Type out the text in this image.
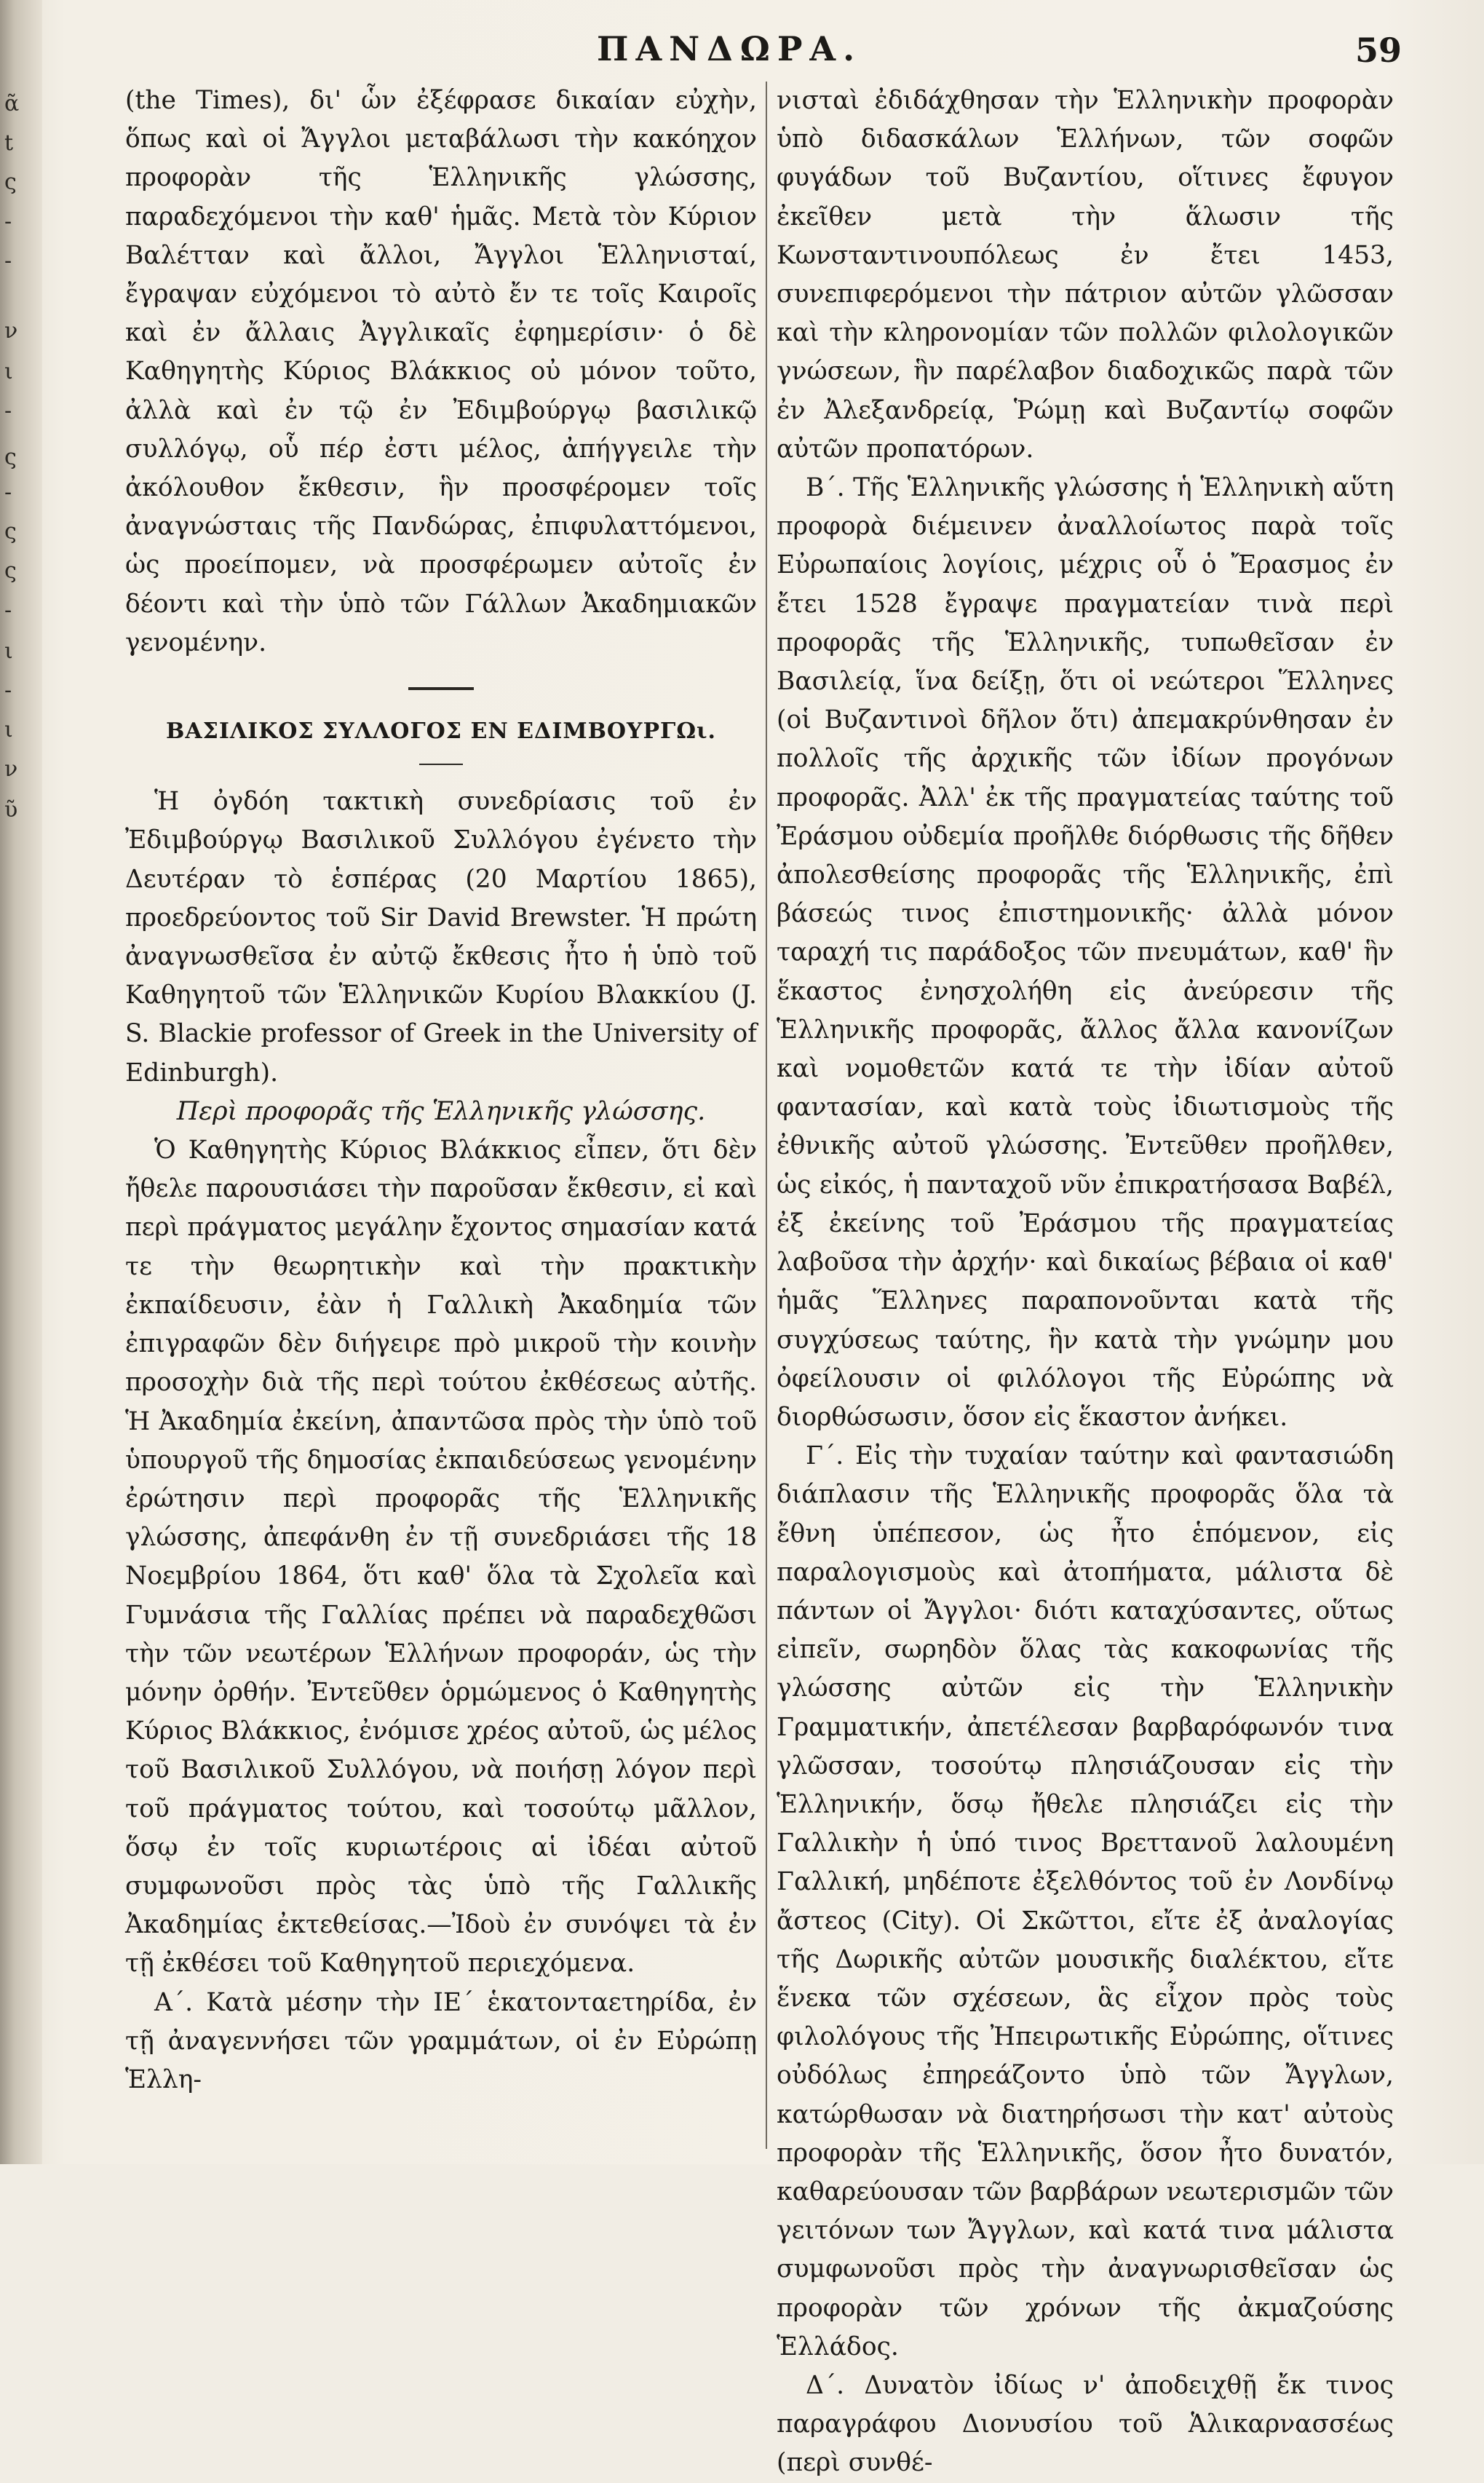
ᾶ
t
ς
-
-
ν
ι
-
ς
-
ς
ς
-
ι
-
ι
ν
ῦ
ΠΑΝΔΩΡΑ.	59

(the Times), δι' ὧν ἐξέφρασε δικαίαν εὐχὴν, ὅπως καὶ οἱ Ἄγγλοι μεταβάλωσι τὴν κακόηχον προφορὰν τῆς Ἑλληνικῆς γλώσσης, παραδεχόμενοι τὴν καθ' ἡμᾶς. Μετὰ τὸν Κύριον Βαλέτταν καὶ ἄλλοι, Ἄγγλοι Ἑλληνισταί, ἔγραψαν εὐχόμενοι τὸ αὐτὸ ἔν τε τοῖς Καιροῖς καὶ ἐν ἄλλαις Ἀγγλικαῖς ἐφημερίσιν· ὁ δὲ Καθηγητὴς Κύριος Βλάκκιος οὐ μόνον τοῦτο, ἀλλὰ καὶ ἐν τῷ ἐν Ἐδιμβούργῳ βασιλικῷ συλλόγῳ, οὗ πέρ ἐστι μέλος, ἀπήγγειλε τὴν ἀκόλουθον ἔκθεσιν, ἣν προσφέρομεν τοῖς ἀναγνώσταις τῆς Πανδώρας, ἐπιφυλαττόμενοι, ὡς προείπομεν, νὰ προσφέρωμεν αὐτοῖς ἐν δέοντι καὶ τὴν ὑπὸ τῶν Γάλλων Ἀκαδημιακῶν γενομένην.

ΒΑΣΙΛΙΚΟΣ ΣΥΛΛΟΓΟΣ ΕΝ ΕΔΙΜΒΟΥΡΓΩι.

Ἡ ὀγδόη τακτικὴ συνεδρίασις τοῦ ἐν Ἐδιμβούργῳ Βασιλικοῦ Συλλόγου ἐγένετο τὴν Δευτέραν τὸ ἑσπέρας (20 Μαρτίου 1865), προεδρεύοντος τοῦ Sir David Brewster. Ἡ πρώτη ἀναγνωσθεῖσα ἐν αὐτῷ ἔκθεσις ἦτο ἡ ὑπὸ τοῦ Καθηγητοῦ τῶν Ἑλληνικῶν Κυρίου Βλακκίου (J. S. Blackie professor of Greek in the University of Edinburgh).

Περὶ προφορᾶς τῆς Ἑλληνικῆς γλώσσης.

Ὁ Καθηγητὴς Κύριος Βλάκκιος εἶπεν, ὅτι δὲν ἤθελε παρουσιάσει τὴν παροῦσαν ἔκθεσιν, εἰ καὶ περὶ πράγματος μεγάλην ἔχοντος σημασίαν κατά τε τὴν θεωρητικὴν καὶ τὴν πρακτικὴν ἐκπαίδευσιν, ἐὰν ἡ Γαλλικὴ Ἀκαδημία τῶν ἐπιγραφῶν δὲν διήγειρε πρὸ μικροῦ τὴν κοινὴν προσοχὴν διὰ τῆς περὶ τούτου ἐκθέσεως αὐτῆς. Ἡ Ἀκαδημία ἐκείνη, ἀπαντῶσα πρὸς τὴν ὑπὸ τοῦ ὑπουργοῦ τῆς δημοσίας ἐκπαιδεύσεως γενομένην ἐρώτησιν περὶ προφορᾶς τῆς Ἑλληνικῆς γλώσσης, ἀπεφάνθη ἐν τῇ συνεδριάσει τῆς 18 Νοεμβρίου 1864, ὅτι καθ' ὅλα τὰ Σχολεῖα καὶ Γυμνάσια τῆς Γαλλίας πρέπει νὰ παραδεχθῶσι τὴν τῶν νεωτέρων Ἑλλήνων προφοράν, ὡς τὴν μόνην ὀρθήν. Ἐντεῦθεν ὁρμώμενος ὁ Καθηγητὴς Κύριος Βλάκκιος, ἐνόμισε χρέος αὐτοῦ, ὡς μέλος τοῦ Βασιλικοῦ Συλλόγου, νὰ ποιήσῃ λόγον περὶ τοῦ πράγματος τούτου, καὶ τοσούτῳ μᾶλλον, ὅσῳ ἐν τοῖς κυριωτέροις αἱ ἰδέαι αὐτοῦ συμφωνοῦσι πρὸς τὰς ὑπὸ τῆς Γαλλικῆς Ἀκαδημίας ἐκτεθείσας.—Ἰδοὺ ἐν συνόψει τὰ ἐν τῇ ἐκθέσει τοῦ Καθηγητοῦ περιεχόμενα.

Α΄. Κατὰ μέσην τὴν ΙΕ΄ ἑκατονταετηρίδα, ἐν τῇ ἀναγεννήσει τῶν γραμμάτων, οἱ ἐν Εὐρώπῃ Ἑλλη-

νισταὶ ἐδιδάχθησαν τὴν Ἑλληνικὴν προφορὰν ὑπὸ διδασκάλων Ἑλλήνων, τῶν σοφῶν φυγάδων τοῦ Βυζαντίου, οἵτινες ἔφυγον ἐκεῖθεν μετὰ τὴν ἅλωσιν τῆς Κωνσταντινουπόλεως ἐν ἔτει 1453, συνεπιφερόμενοι τὴν πάτριον αὐτῶν γλῶσσαν καὶ τὴν κληρονομίαν τῶν πολλῶν φιλολογικῶν γνώσεων, ἣν παρέλαβον διαδοχικῶς παρὰ τῶν ἐν Ἀλεξανδρείᾳ, Ῥώμῃ καὶ Βυζαντίῳ σοφῶν αὐτῶν προπατόρων.

Β΄. Τῆς Ἑλληνικῆς γλώσσης ἡ Ἑλληνικὴ αὕτη προφορὰ διέμεινεν ἀναλλοίωτος παρὰ τοῖς Εὐρωπαίοις λογίοις, μέχρις οὗ ὁ Ἔρασμος ἐν ἔτει 1528 ἔγραψε πραγματείαν τινὰ περὶ προφορᾶς τῆς Ἑλληνικῆς, τυπωθεῖσαν ἐν Βασιλείᾳ, ἵνα δείξῃ, ὅτι οἱ νεώτεροι Ἕλληνες (οἱ Βυζαντινοὶ δῆλον ὅτι) ἀπεμακρύνθησαν ἐν πολλοῖς τῆς ἀρχικῆς τῶν ἰδίων προγόνων προφορᾶς. Ἀλλ' ἐκ τῆς πραγματείας ταύτης τοῦ Ἐράσμου οὐδεμία προῆλθε διόρθωσις τῆς δῆθεν ἀπολεσθείσης προφορᾶς τῆς Ἑλληνικῆς, ἐπὶ βάσεώς τινος ἐπιστημονικῆς· ἀλλὰ μόνον ταραχή τις παράδοξος τῶν πνευμάτων, καθ' ἣν ἕκαστος ἐνησχολήθη εἰς ἀνεύρεσιν τῆς Ἑλληνικῆς προφορᾶς, ἄλλος ἄλλα κανονίζων καὶ νομοθετῶν κατά τε τὴν ἰδίαν αὐτοῦ φαντασίαν, καὶ κατὰ τοὺς ἰδιωτισμοὺς τῆς ἐθνικῆς αὐτοῦ γλώσσης. Ἐντεῦθεν προῆλθεν, ὡς εἰκός, ἡ πανταχοῦ νῦν ἐπικρατήσασα Βαβέλ, ἐξ ἐκείνης τοῦ Ἐράσμου τῆς πραγματείας λαβοῦσα τὴν ἀρχήν· καὶ δικαίως βέβαια οἱ καθ' ἡμᾶς Ἕλληνες παραπονοῦνται κατὰ τῆς συγχύσεως ταύτης, ἣν κατὰ τὴν γνώμην μου ὀφείλουσιν οἱ φιλόλογοι τῆς Εὐρώπης νὰ διορθώσωσιν, ὅσον εἰς ἕκαστον ἀνήκει.

Γ΄. Εἰς τὴν τυχαίαν ταύτην καὶ φαντασιώδη διάπλασιν τῆς Ἑλληνικῆς προφορᾶς ὅλα τὰ ἔθνη ὑπέπεσον, ὡς ἦτο ἑπόμενον, εἰς παραλογισμοὺς καὶ ἀτοπήματα, μάλιστα δὲ πάντων οἱ Ἄγγλοι· διότι καταχύσαντες, οὕτως εἰπεῖν, σωρηδὸν ὅλας τὰς κακοφωνίας τῆς γλώσσης αὐτῶν εἰς τὴν Ἑλληνικὴν Γραμματικήν, ἀπετέλεσαν βαρβαρόφωνόν τινα γλῶσσαν, τοσούτῳ πλησιάζουσαν εἰς τὴν Ἑλληνικήν, ὅσῳ ἤθελε πλησιάζει εἰς τὴν Γαλλικὴν ἡ ὑπό τινος Βρεττανοῦ λαλουμένη Γαλλική, μηδέποτε ἐξελθόντος τοῦ ἐν Λονδίνῳ ἄστεος (City). Οἱ Σκῶττοι, εἴτε ἐξ ἀναλογίας τῆς Δωρικῆς αὐτῶν μουσικῆς διαλέκτου, εἴτε ἕνεκα τῶν σχέσεων, ἃς εἶχον πρὸς τοὺς φιλολόγους τῆς Ἠπειρωτικῆς Εὐρώπης, οἵτινες οὐδόλως ἐπηρεάζοντο ὑπὸ τῶν Ἄγγλων, κατώρθωσαν νὰ διατηρήσωσι τὴν κατ' αὐτοὺς προφορὰν τῆς Ἑλληνικῆς, ὅσον ἦτο δυνατόν, καθαρεύουσαν τῶν βαρβάρων νεωτερισμῶν τῶν γειτόνων των Ἄγγλων, καὶ κατά τινα μάλιστα συμφωνοῦσι πρὸς τὴν ἀναγνωρισθεῖσαν ὡς προφορὰν τῶν χρόνων τῆς ἀκμαζούσης Ἑλλάδος.

Δ΄. Δυνατὸν ἰδίως ν' ἀποδειχθῇ ἔκ τινος παραγράφου Διονυσίου τοῦ Ἁλικαρνασσέως (περὶ συνθέ-
